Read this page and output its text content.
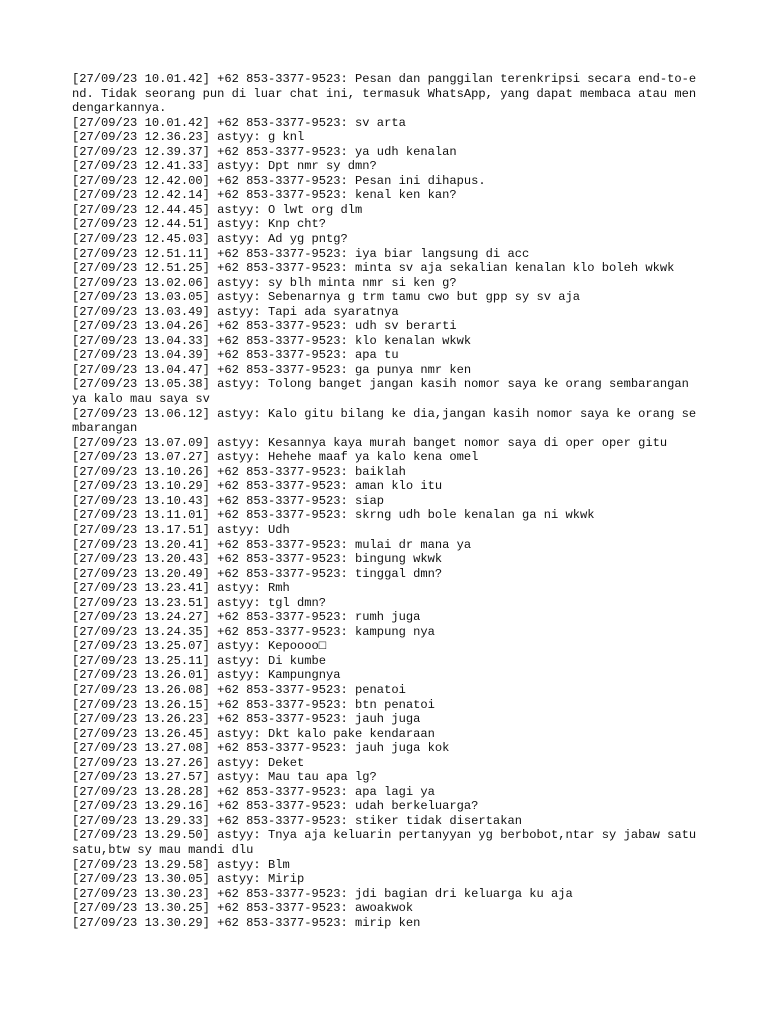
[27/09/23 10.01.42] +62 853-3377-9523: Pesan dan panggilan terenkripsi secara end-to-end. Tidak seorang pun di luar chat ini, termasuk WhatsApp, yang dapat membaca atau mendengarkannya.
[27/09/23 10.01.42] +62 853-3377-9523: sv arta
[27/09/23 12.36.23] astyy: g knl
[27/09/23 12.39.37] +62 853-3377-9523: ya udh kenalan
[27/09/23 12.41.33] astyy: Dpt nmr sy dmn?
[27/09/23 12.42.00] +62 853-3377-9523: Pesan ini dihapus.
[27/09/23 12.42.14] +62 853-3377-9523: kenal ken kan?
[27/09/23 12.44.45] astyy: O lwt org dlm
[27/09/23 12.44.51] astyy: Knp cht?
[27/09/23 12.45.03] astyy: Ad yg pntg?
[27/09/23 12.51.11] +62 853-3377-9523: iya biar langsung di acc
[27/09/23 12.51.25] +62 853-3377-9523: minta sv aja sekalian kenalan klo boleh wkwk
[27/09/23 13.02.06] astyy: sy blh minta nmr si ken g?
[27/09/23 13.03.05] astyy: Sebenarnya g trm tamu cwo but gpp sy sv aja
[27/09/23 13.03.49] astyy: Tapi ada syaratnya
[27/09/23 13.04.26] +62 853-3377-9523: udh sv berarti
[27/09/23 13.04.33] +62 853-3377-9523: klo kenalan wkwk
[27/09/23 13.04.39] +62 853-3377-9523: apa tu
[27/09/23 13.04.47] +62 853-3377-9523: ga punya nmr ken
[27/09/23 13.05.38] astyy: Tolong banget jangan kasih nomor saya ke orang sembarangan ya kalo mau saya sv
[27/09/23 13.06.12] astyy: Kalo gitu bilang ke dia,jangan kasih nomor saya ke orang sembarangan
[27/09/23 13.07.09] astyy: Kesannya kaya murah banget nomor saya di oper oper gitu
[27/09/23 13.07.27] astyy: Hehehe maaf ya kalo kena omel
[27/09/23 13.10.26] +62 853-3377-9523: baiklah
[27/09/23 13.10.29] +62 853-3377-9523: aman klo itu
[27/09/23 13.10.43] +62 853-3377-9523: siap
[27/09/23 13.11.01] +62 853-3377-9523: skrng udh bole kenalan ga ni wkwk
[27/09/23 13.17.51] astyy: Udh
[27/09/23 13.20.41] +62 853-3377-9523: mulai dr mana ya
[27/09/23 13.20.43] +62 853-3377-9523: bingung wkwk
[27/09/23 13.20.49] +62 853-3377-9523: tinggal dmn?
[27/09/23 13.23.41] astyy: Rmh
[27/09/23 13.23.51] astyy: tgl dmn?
[27/09/23 13.24.27] +62 853-3377-9523: rumh juga
[27/09/23 13.24.35] +62 853-3377-9523: kampung nya
[27/09/23 13.25.07] astyy: Kepoooo□
[27/09/23 13.25.11] astyy: Di kumbe
[27/09/23 13.26.01] astyy: Kampungnya
[27/09/23 13.26.08] +62 853-3377-9523: penatoi
[27/09/23 13.26.15] +62 853-3377-9523: btn penatoi
[27/09/23 13.26.23] +62 853-3377-9523: jauh juga
[27/09/23 13.26.45] astyy: Dkt kalo pake kendaraan
[27/09/23 13.27.08] +62 853-3377-9523: jauh juga kok
[27/09/23 13.27.26] astyy: Deket
[27/09/23 13.27.57] astyy: Mau tau apa lg?
[27/09/23 13.28.28] +62 853-3377-9523: apa lagi ya
[27/09/23 13.29.16] +62 853-3377-9523: udah berkeluarga?
[27/09/23 13.29.33] +62 853-3377-9523: stiker tidak disertakan
[27/09/23 13.29.50] astyy: Tnya aja keluarin pertanyyan yg berbobot,ntar sy jabaw satu satu,btw sy mau mandi dlu
[27/09/23 13.29.58] astyy: Blm
[27/09/23 13.30.05] astyy: Mirip
[27/09/23 13.30.23] +62 853-3377-9523: jdi bagian dri keluarga ku aja
[27/09/23 13.30.25] +62 853-3377-9523: awoakwok
[27/09/23 13.30.29] +62 853-3377-9523: mirip ken
